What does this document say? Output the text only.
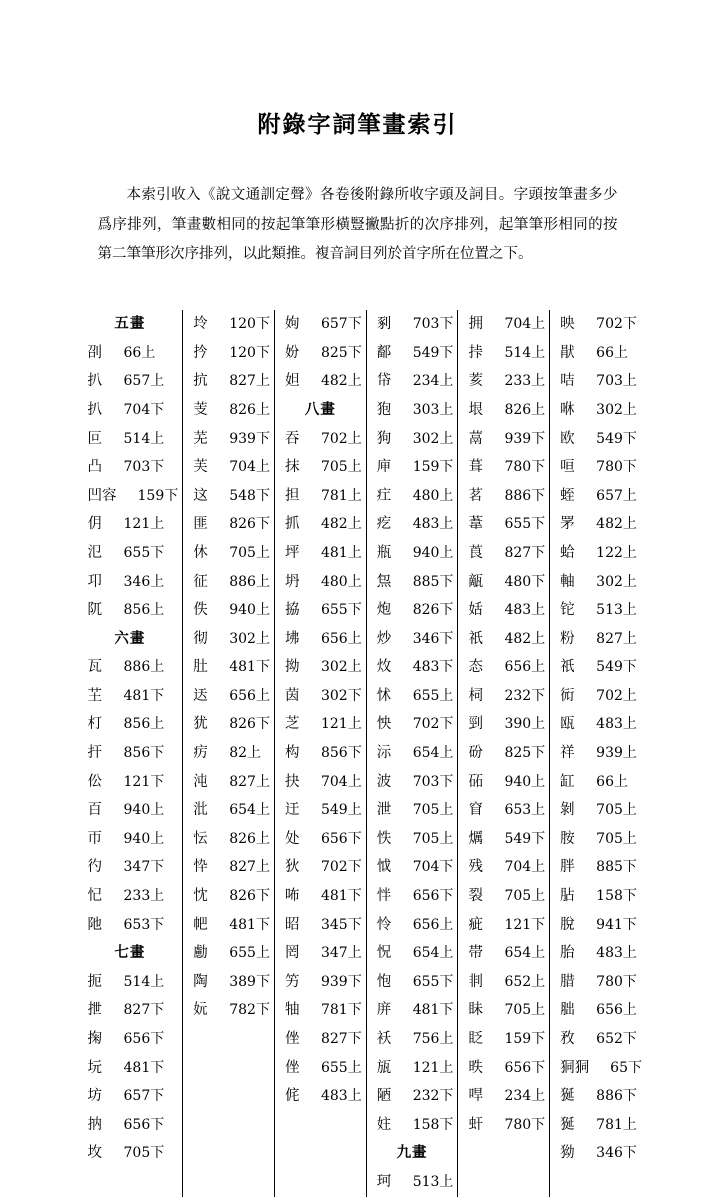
附錄字詞筆畫索引

本索引收入《說文通訓定聲》各卷後附錄所收字頭及詞目。字頭按筆畫多少爲序排列，筆畫數相同的按起筆筆形橫豎撇點折的次序排列，起筆筆形相同的按第二筆筆形次序排列，以此類推。複音詞目列於首字所在位置之下。

五畫
刟	66上
扒	657上
扒	704下
叵	514上
凸	703下
凹容	159下
仴	121上
氾	655下
卭	346上
阢	856上
六畫
瓦	886上
芏	481下
朾	856上
扞	856下
伀	121下
百	940上
帀	940上
彴	347下
忋	233上
阤	653下
七畫
扼	514上
抴	827下
掬	656下
坃	481下
坊	657下
抐	656下
坆	705下
坽	120下
扲	120下
抗	827上
芰	826上
芜	939下
芙	704上
这	548下
匪	826下
休	705上
征	886上
佚	940上
彻	302上
肚	481下
迗	656上
犹	826下
疠	82上
沌	827上
沘	654上
忶	826上
忰	827上
忱	826下
帊	481下
勴	655上
陶	389下
妧	782下
姁	657下
妢	825下
妲	482上
八畫
吞	702上
抹	705上
担	781上
抓	482上
坪	481上
坍	480上
拹	655下
坲	656上
拗	302上
茵	302下
芝	121上
构	856下
抉	704上
迀	549上
处	656下
狄	702下
咘	481下
昭	345下
罔	347上
竻	939下
牰	781下
侳	827下
侳	655上
侂	483上
剢	703下
鄐	549下
帒	234上
狍	303上
狗	302上
庘	159下
疘	480上
疙	483上
瓶	940上
炰	885下
炮	826下
炒	346下
炇	483下
怵	655上
怏	702下
沶	654上
波	703下
泄	705上
怢	705上
怴	704下
怑	656下
怜	656上
怳	654上
怉	655下
庰	481下
袄	756上
瓬	121上
陋	232下
妵	158下
九畫
珂	513上
拥	704上
挊	514上
荄	233上
垠	826上
蒚	939下
葺	780下
茗	886下
葦	655下
莨	827下
甋	480下
姡	483上
祇	482上
态	656上
柌	232下
剄	390上
砏	825下
砳	940上
窅	653上
爄	549下
残	704上
裂	705上
疵	121下
帯	654上
剕	652上
眛	705上
眨	159下
昳	656下
哻	234上
虷	780下
映	702下
猒	66上
咭	703上
咻	302上
欧	549下
咺	780下
蛭	657上
罞	482上
蛤	122上
軸	302上
铊	513上
粉	827上
祇	549下
衏	702上
瓯	483上
祥	939上
缸	66上
剝	705上
胺	705上
胖	885下
胋	158下
脫	941下
胎	483上
腊	780下
胐	656上
敄	652下
狪狪	65下
狿	886下
狿	781上
狕	346下
